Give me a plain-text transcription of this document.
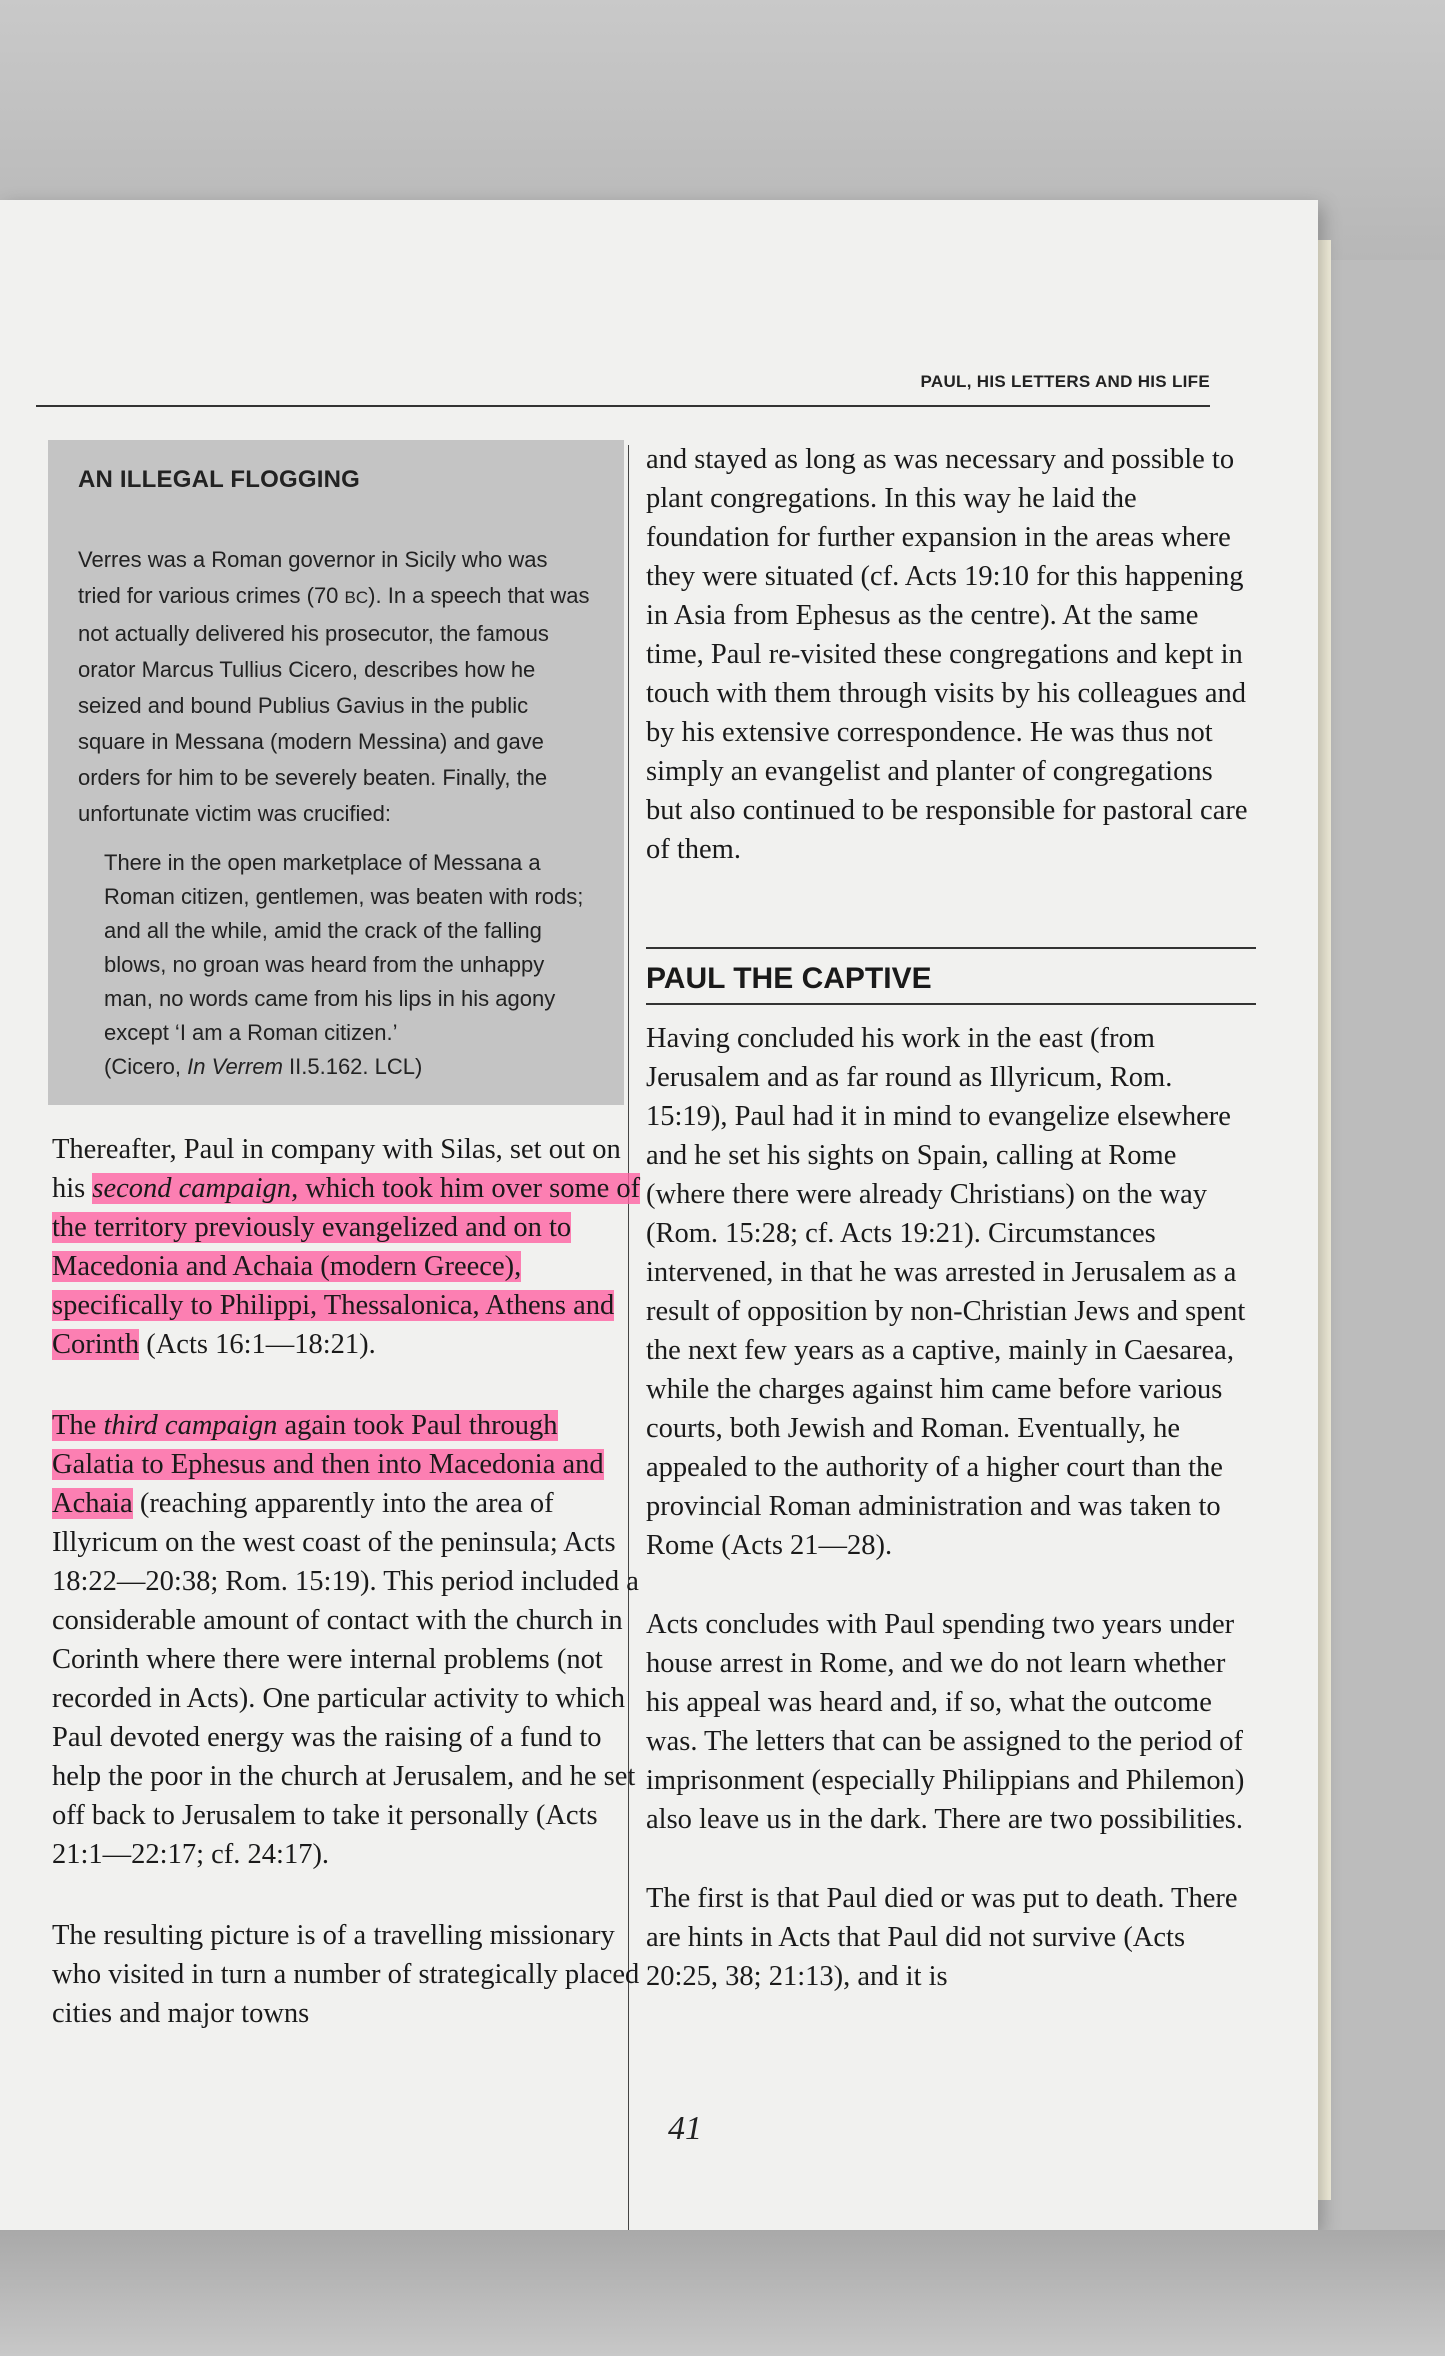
PAUL, HIS LETTERS AND HIS LIFE
AN ILLEGAL FLOGGING

Verres was a Roman governor in Sicily who was tried for various crimes (70 BC). In a speech that was not actually delivered his prosecutor, the famous orator Marcus Tullius Cicero, describes how he seized and bound Publius Gavius in the public square in Messana (modern Messina) and gave orders for him to be severely beaten. Finally, the unfortunate victim was crucified:

There in the open marketplace of Messana a Roman citizen, gentlemen, was beaten with rods; and all the while, amid the crack of the falling blows, no groan was heard from the unhappy man, no words came from his lips in his agony except ‘I am a Roman citizen.’
(Cicero, In Verrem II.5.162. LCL)

Thereafter, Paul in company with Silas, set out on his second campaign, which took him over some of the territory previously evangelized and on to Macedonia and Achaia (modern Greece), specifically to Philippi, Thessalonica, Athens and Corinth (Acts 16:1—18:21).

The third campaign again took Paul through Galatia to Ephesus and then into Macedonia and Achaia (reaching apparently into the area of Illyricum on the west coast of the peninsula; Acts 18:22—20:38; Rom. 15:19). This period included a considerable amount of contact with the church in Corinth where there were internal problems (not recorded in Acts). One particular activity to which Paul devoted energy was the raising of a fund to help the poor in the church at Jerusalem, and he set off back to Jerusalem to take it personally (Acts 21:1—22:17; cf. 24:17).

The resulting picture is of a travelling missionary who visited in turn a number of strategically placed cities and major towns

and stayed as long as was necessary and possible to plant congregations. In this way he laid the foundation for further expansion in the areas where they were situated (cf. Acts 19:10 for this happening in Asia from Ephesus as the centre). At the same time, Paul re-visited these congregations and kept in touch with them through visits by his colleagues and by his extensive correspondence. He was thus not simply an evangelist and planter of congregations but also continued to be responsible for pastoral care of them.

PAUL THE CAPTIVE

Having concluded his work in the east (from Jerusalem and as far round as Illyricum, Rom. 15:19), Paul had it in mind to evangelize elsewhere and he set his sights on Spain, calling at Rome (where there were already Christians) on the way (Rom. 15:28; cf. Acts 19:21). Circumstances intervened, in that he was arrested in Jerusalem as a result of opposition by non-Christian Jews and spent the next few years as a captive, mainly in Caesarea, while the charges against him came before various courts, both Jewish and Roman. Eventually, he appealed to the authority of a higher court than the provincial Roman administration and was taken to Rome (Acts 21—28).

Acts concludes with Paul spending two years under house arrest in Rome, and we do not learn whether his appeal was heard and, if so, what the outcome was. The letters that can be assigned to the period of imprisonment (especially Philippians and Philemon) also leave us in the dark. There are two possibilities.

The first is that Paul died or was put to death. There are hints in Acts that Paul did not survive (Acts 20:25, 38; 21:13), and it is

41
